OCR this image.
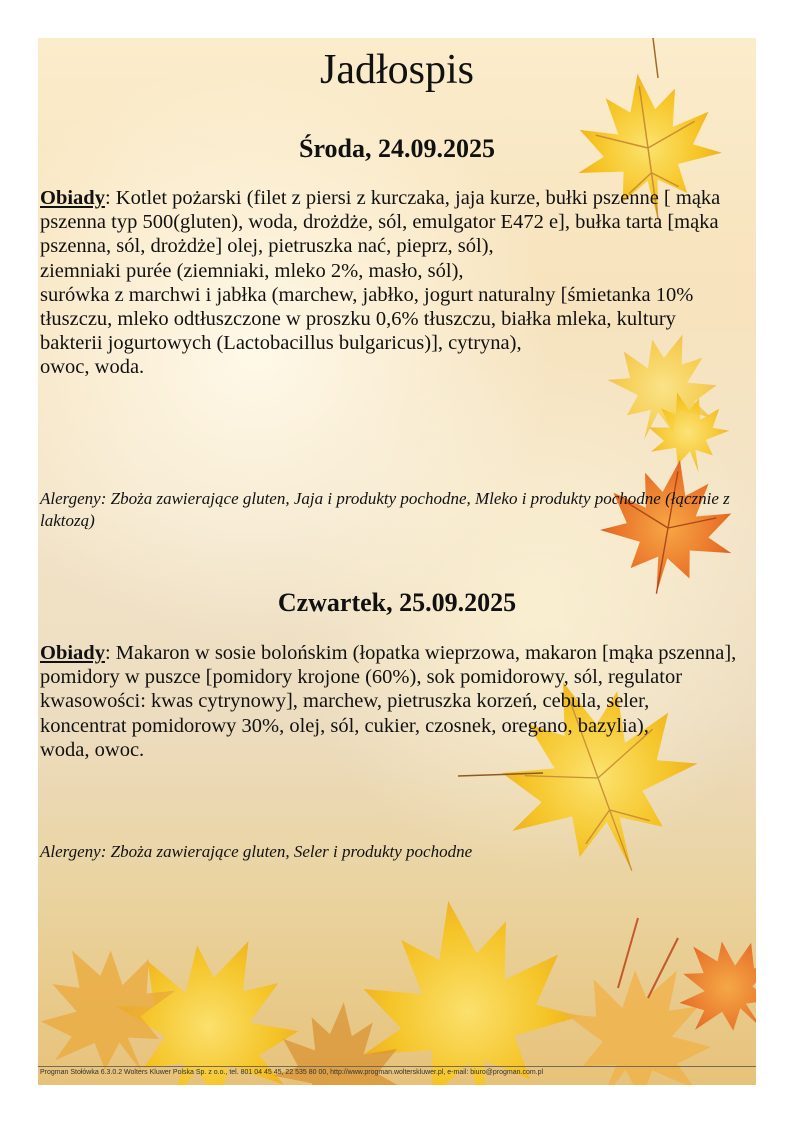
Jadłospis
Środa, 24.09.2025
Obiady: Kotlet pożarski (filet z piersi z kurczaka, jaja kurze, bułki pszenne [ mąka pszenna typ 500(gluten), woda, drożdże, sól, emulgator E472 e], bułka tarta [mąka pszenna, sól, drożdże] olej, pietruszka nać, pieprz, sól),
ziemniaki purée (ziemniaki, mleko 2%, masło, sól),
surówka z marchwi i jabłka (marchew, jabłko, jogurt naturalny [śmietanka 10% tłuszczu, mleko odtłuszczone w proszku 0,6% tłuszczu, białka mleka, kultury bakterii jogurtowych (Lactobacillus bulgaricus)], cytryna),
owoc, woda.
Alergeny: Zboża zawierające gluten, Jaja i produkty pochodne, Mleko i produkty pochodne (łącznie z laktozą)
Czwartek, 25.09.2025
Obiady: Makaron w sosie bolońskim (łopatka wieprzowa, makaron [mąka pszenna], pomidory w puszce [pomidory krojone (60%), sok pomidorowy, sól, regulator kwasowości: kwas cytrynowy], marchew, pietruszka korzeń, cebula, seler, koncentrat pomidorowy 30%, olej, sól, cukier, czosnek, oregano, bazylia),
woda, owoc.
Alergeny: Zboża zawierające gluten, Seler i produkty pochodne
Progman Stołówka 6.3.0.2 Wolters Kluwer Polska Sp. z o.o., tel. 801 04 45 45, 22 535 80 00, http://www.progman.wolterskluwer.pl, e-mail: biuro@progman.com.pl
